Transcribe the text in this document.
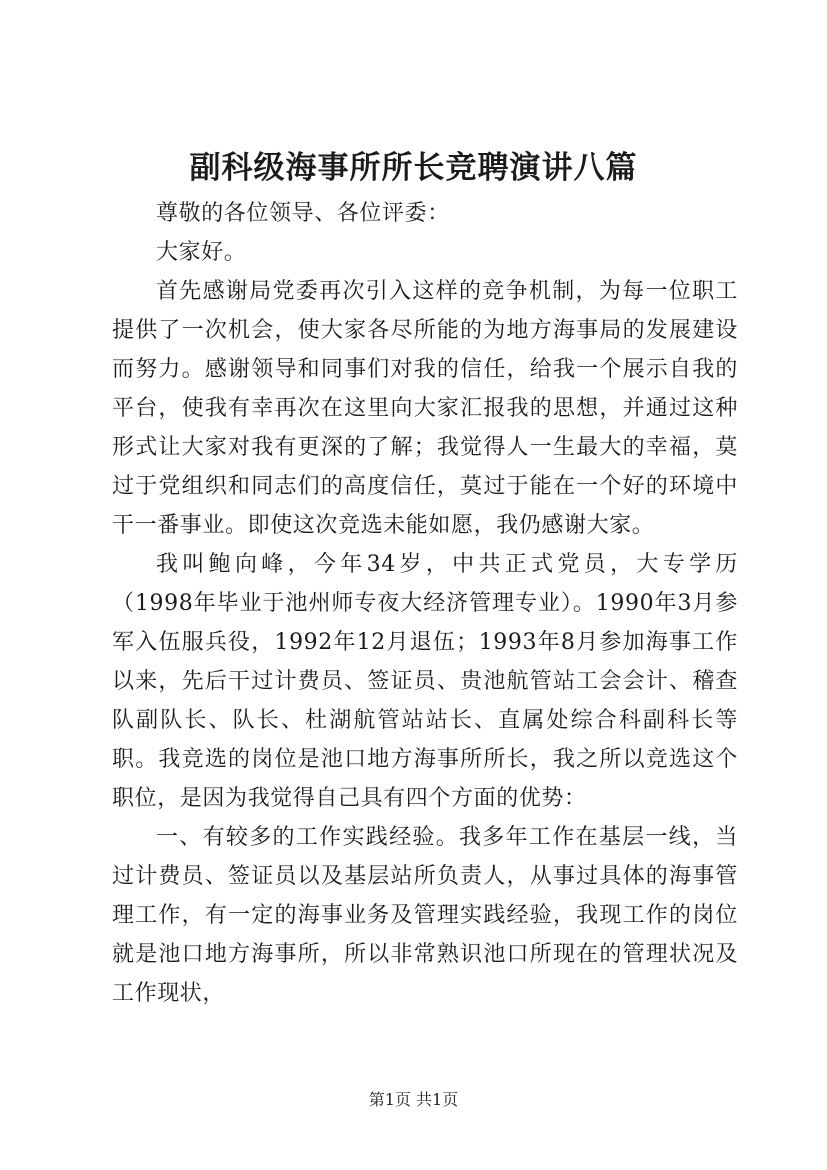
副科级海事所所长竞聘演讲八篇

尊敬的各位领导、各位评委：

大家好。

首先感谢局党委再次引入这样的竞争机制，为每一位职工提供了一次机会，使大家各尽所能的为地方海事局的发展建设而努力。感谢领导和同事们对我的信任，给我一个展示自我的平台，使我有幸再次在这里向大家汇报我的思想，并通过这种形式让大家对我有更深的了解；我觉得人一生最大的幸福，莫过于党组织和同志们的高度信任，莫过于能在一个好的环境中干一番事业。即使这次竞选未能如愿，我仍感谢大家。

我叫鲍向峰，今年34岁，中共正式党员，大专学历（1998年毕业于池州师专夜大经济管理专业）。1990年3月参军入伍服兵役，1992年12月退伍；1993年8月参加海事工作以来，先后干过计费员、签证员、贵池航管站工会会计、稽查队副队长、队长、杜湖航管站站长、直属处综合科副科长等职。我竞选的岗位是池口地方海事所所长，我之所以竞选这个职位，是因为我觉得自己具有四个方面的优势：

一、有较多的工作实践经验。我多年工作在基层一线，当过计费员、签证员以及基层站所负责人，从事过具体的海事管理工作，有一定的海事业务及管理实践经验，我现工作的岗位就是池口地方海事所，所以非常熟识池口所现在的管理状况及工作现状，

第1页 共1页
